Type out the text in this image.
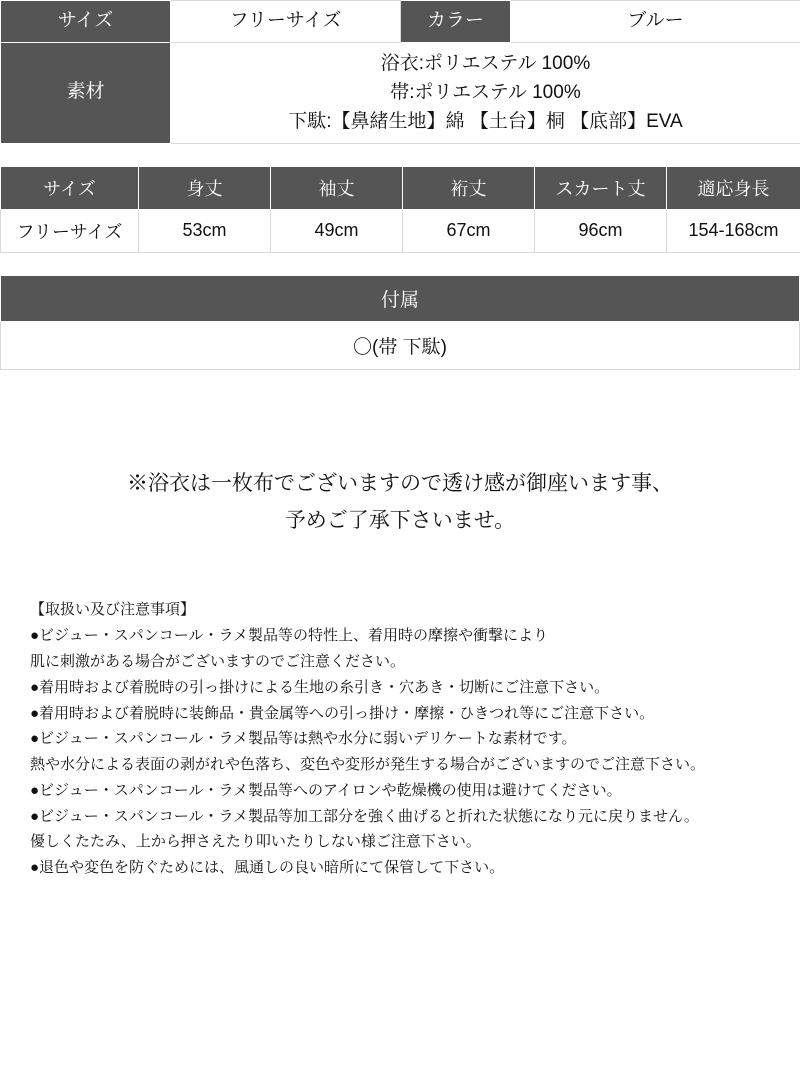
サイズ	フリーサイズ	カラー	ブルー
素材	浴衣:ポリエステル 100%
帯:ポリエステル 100%
下駄:【鼻緒生地】綿 【土台】桐 【底部】EVA		
サイズ	身丈	袖丈	裄丈	スカート丈	適応身長
フリーサイズ	53cm	49cm	67cm	96cm	154-168cm
付属
〇(帯 下駄)
※浴衣は一枚布でございますので透け感が御座います事、
予めご了承下さいませ。
【取扱い及び注意事項】
●ビジュー・スパンコール・ラメ製品等の特性上、着用時の摩擦や衝撃により
肌に刺激がある場合がございますのでご注意ください。
●着用時および着脱時の引っ掛けによる生地の糸引き・穴あき・切断にご注意下さい。
●着用時および着脱時に装飾品・貴金属等への引っ掛け・摩擦・ひきつれ等にご注意下さい。
●ビジュー・スパンコール・ラメ製品等は熱や水分に弱いデリケートな素材です。
熱や水分による表面の剥がれや色落ち、変色や変形が発生する場合がございますのでご注意下さい。
●ビジュー・スパンコール・ラメ製品等へのアイロンや乾燥機の使用は避けてください。
●ビジュー・スパンコール・ラメ製品等加工部分を強く曲げると折れた状態になり元に戻りません。
優しくたたみ、上から押さえたり叩いたりしない様ご注意下さい。
●退色や変色を防ぐためには、風通しの良い暗所にて保管して下さい。
